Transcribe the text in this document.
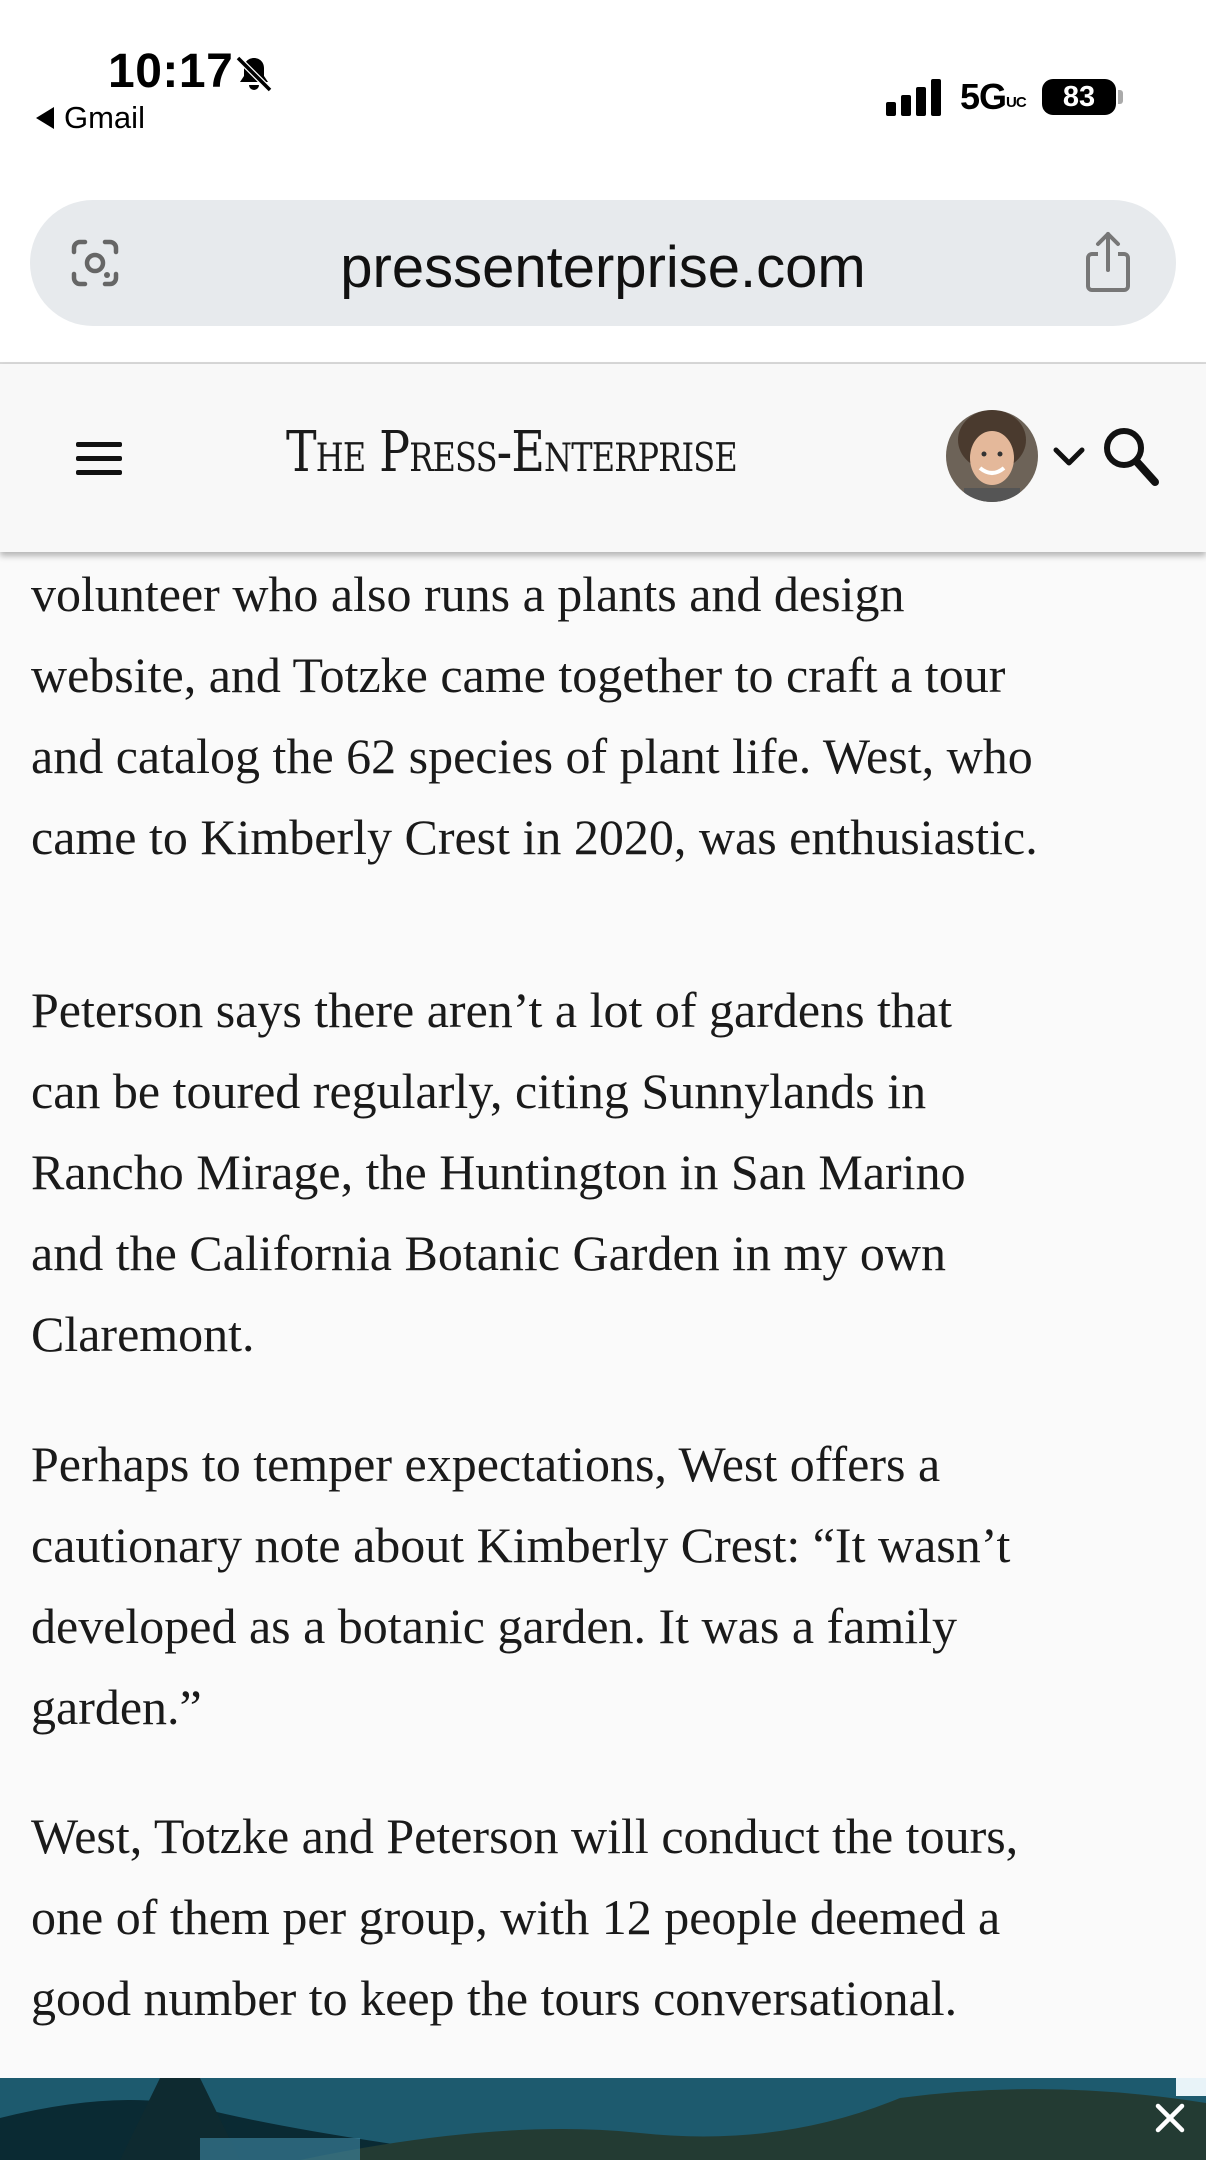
10:17
Gmail
5GUC	83
pressenterprise.com
The Press-Enterprise

volunteer who also runs a plants and design
website, and Totzke came together to craft a tour
and catalog the 62 species of plant life. West, who
came to Kimberly Crest in 2020, was enthusiastic.

Peterson says there aren’t a lot of gardens that
can be toured regularly, citing Sunnylands in
Rancho Mirage, the Huntington in San Marino
and the California Botanic Garden in my own
Claremont.

Perhaps to temper expectations, West offers a
cautionary note about Kimberly Crest: “It wasn’t
developed as a botanic garden. It was a family
garden.”

West, Totzke and Peterson will conduct the tours,
one of them per group, with 12 people deemed a
good number to keep the tours conversational.
